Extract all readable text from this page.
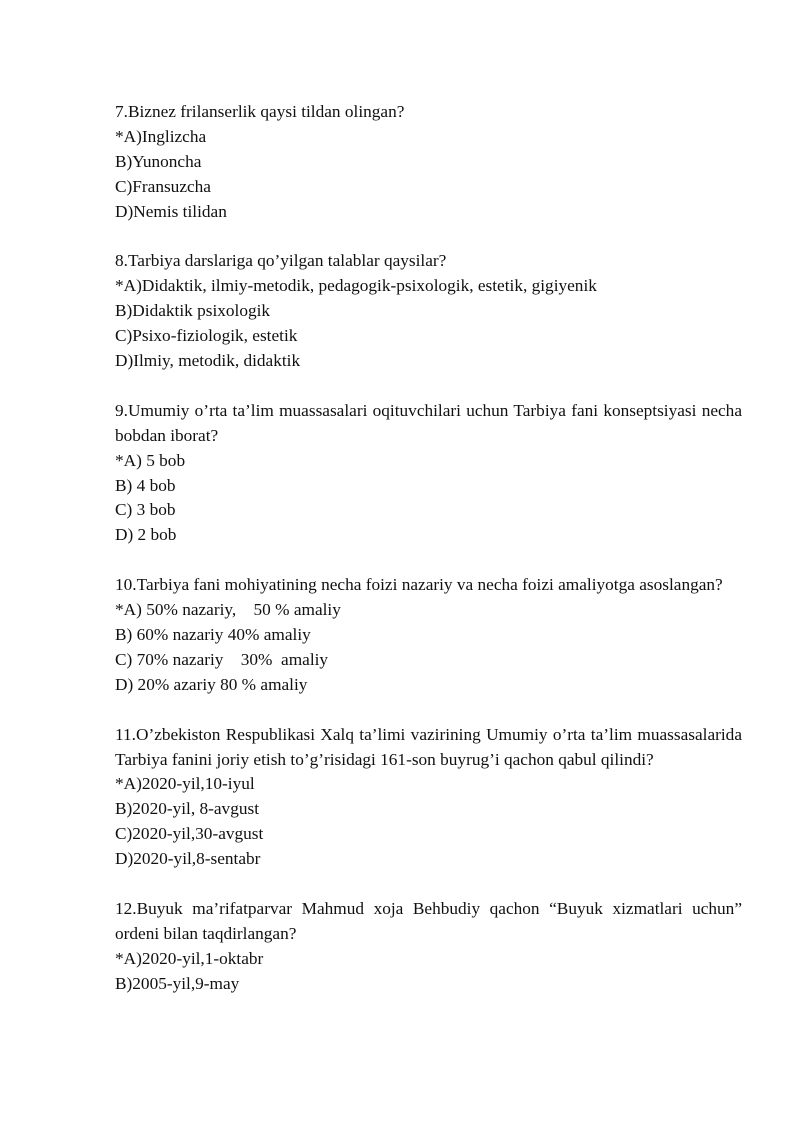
7.Biznez frilanserlik qaysi tildan olingan?
*A)Inglizcha
B)Yunoncha
C)Fransuzcha
D)Nemis tilidan
8.Tarbiya darslariga qo’yilgan talablar qaysilar?
*A)Didaktik, ilmiy-metodik, pedagogik-psixologik, estetik, gigiyenik
B)Didaktik psixologik
C)Psixo-fiziologik, estetik
D)Ilmiy, metodik, didaktik
9.Umumiy o’rta ta’lim muassasalari oqituvchilari uchun Tarbiya fani konseptsiyasi necha bobdan iborat?
*A) 5 bob
B) 4 bob
C) 3 bob
D) 2 bob
10.Tarbiya fani mohiyatining necha foizi nazariy va necha foizi amaliyotga asoslangan?
*A) 50% nazariy,    50 % amaliy
B) 60% nazariy 40% amaliy
C) 70% nazariy    30%  amaliy
D) 20% azariy 80 % amaliy
11.O’zbekiston Respublikasi Xalq ta’limi vazirining Umumiy o’rta ta’lim muassasalarida Tarbiya fanini joriy etish to’g’risidagi 161-son buyrug’i qachon qabul qilindi?
*A)2020-yil,10-iyul
B)2020-yil, 8-avgust
C)2020-yil,30-avgust
D)2020-yil,8-sentabr
12.Buyuk ma’rifatparvar Mahmud xoja Behbudiy qachon “Buyuk xizmatlari uchun” ordeni bilan taqdirlangan?
*A)2020-yil,1-oktabr
B)2005-yil,9-may
